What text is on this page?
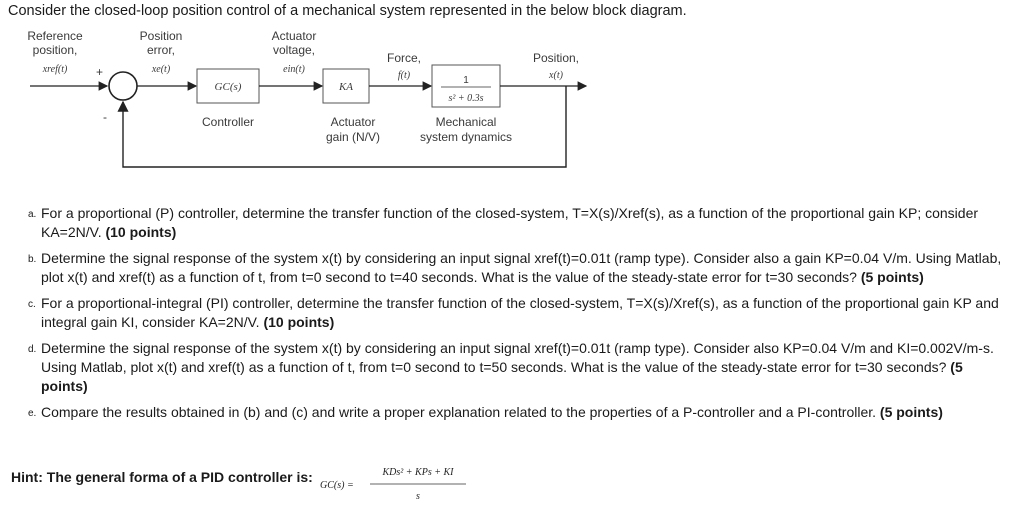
Consider the closed-loop position control of a mechanical system represented in the below block diagram.
Reference
position,
xref(t) +
-
Position
error,
xe(t)
GC(s)
Controller
Actuator
voltage,
ein(t)
KA
Actuator
gain (N/V)
Force,
f(t)	1
s² + 0.3s
Mechanical
system dynamics
Position,
x(t)
a. For a proportional (P) controller, determine the transfer function of the closed-system, T=X(s)/Xref(s), as a function of the proportional gain KP; consider KA=2N/V. (10 points)
b. Determine the signal response of the system x(t) by considering an input signal xref(t)=0.01t (ramp type). Consider also a gain KP=0.04 V/m. Using Matlab, plot x(t) and xref(t) as a function of t, from t=0 second to t=40 seconds. What is the value of the steady-state error for t=30 seconds? (5 points)
c. For a proportional-integral (PI) controller, determine the transfer function of the closed-system, T=X(s)/Xref(s), as a function of the proportional gain KP and integral gain KI, consider KA=2N/V. (10 points)
d. Determine the signal response of the system x(t) by considering an input signal xref(t)=0.01t (ramp type). Consider also KP=0.04 V/m and KI=0.002V/m-s. Using Matlab, plot x(t) and xref(t) as a function of t, from t=0 second to t=50 seconds. What is the value of the steady-state error for t=30 seconds? (5 points)
e. Compare the results obtained in (b) and (c) and write a proper explanation related to the properties of a P-controller and a PI-controller. (5 points)
Hint: The general forma of a PID controller is:
GC(s) =
KDs² + KPs + KI
s
